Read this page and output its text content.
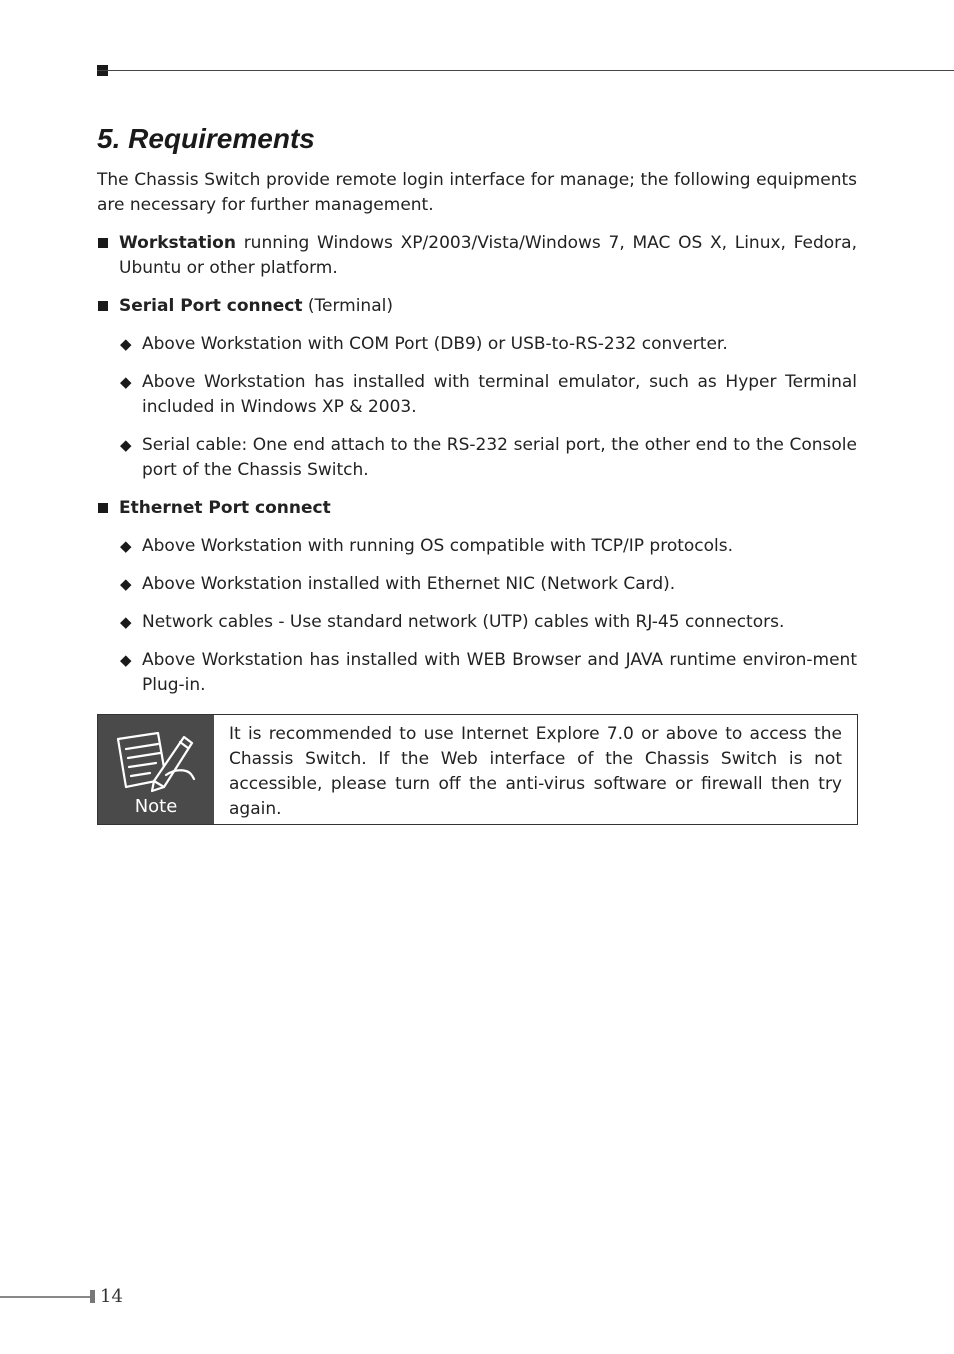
5. Requirements

The Chassis Switch provide remote login interface for manage; the following equipments are necessary for further management.

Workstation running Windows XP/2003/Vista/Windows 7, MAC OS X, Linux, Fedora, Ubuntu or other platform.
Serial Port connect (Terminal)
◆ Above Workstation with COM Port (DB9) or USB-to-RS-232 converter.
◆ Above Workstation has installed with terminal emulator, such as Hyper Terminal included in Windows XP & 2003.
◆ Serial cable: One end attach to the RS-232 serial port, the other end to the Console port of the Chassis Switch.
Ethernet Port connect
◆ Above Workstation with running OS compatible with TCP/IP protocols.
◆ Above Workstation installed with Ethernet NIC (Network Card).
◆ Network cables - Use standard network (UTP) cables with RJ-45 connectors.
◆ Above Workstation has installed with WEB Browser and JAVA runtime environ-ment Plug-in.
Note
It is recommended to use Internet Explore 7.0 or above to access the Chassis Switch. If the Web interface of the Chassis Switch is not accessible, please turn off the anti-virus software or firewall then try again.
14
